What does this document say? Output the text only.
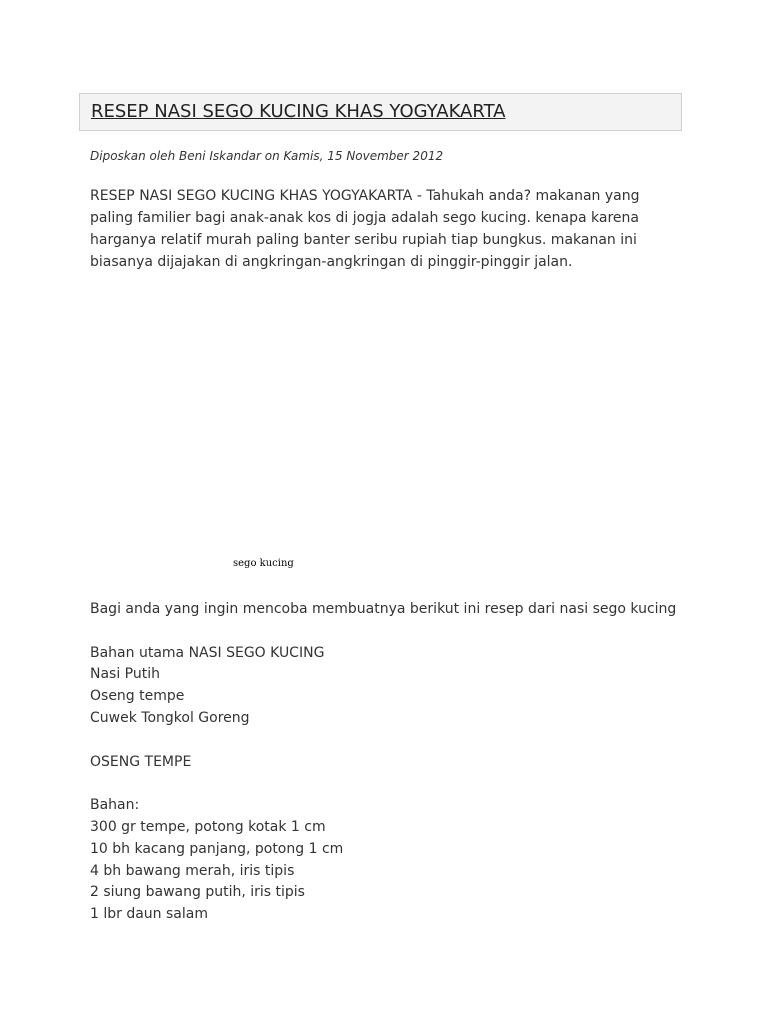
RESEP NASI SEGO KUCING KHAS YOGYAKARTA
Diposkan oleh Beni Iskandar on Kamis, 15 November 2012

RESEP NASI SEGO KUCING KHAS YOGYAKARTA - Tahukah anda? makanan yang paling familier bagi anak-anak kos di jogja adalah sego kucing. kenapa karena harganya relatif murah paling banter seribu rupiah tiap bungkus. makanan ini biasanya dijajakan di angkringan-angkringan di pinggir-pinggir jalan.

sego kucing
Bagi anda yang ingin mencoba membuatnya berikut ini resep dari nasi sego kucing
Bahan utama NASI SEGO KUCING
Nasi Putih
Oseng tempe
Cuwek Tongkol Goreng
OSENG TEMPE
Bahan:
300 gr tempe, potong kotak 1 cm
10 bh kacang panjang, potong 1 cm
4 bh bawang merah, iris tipis
2 siung bawang putih, iris tipis
1 lbr daun salam
